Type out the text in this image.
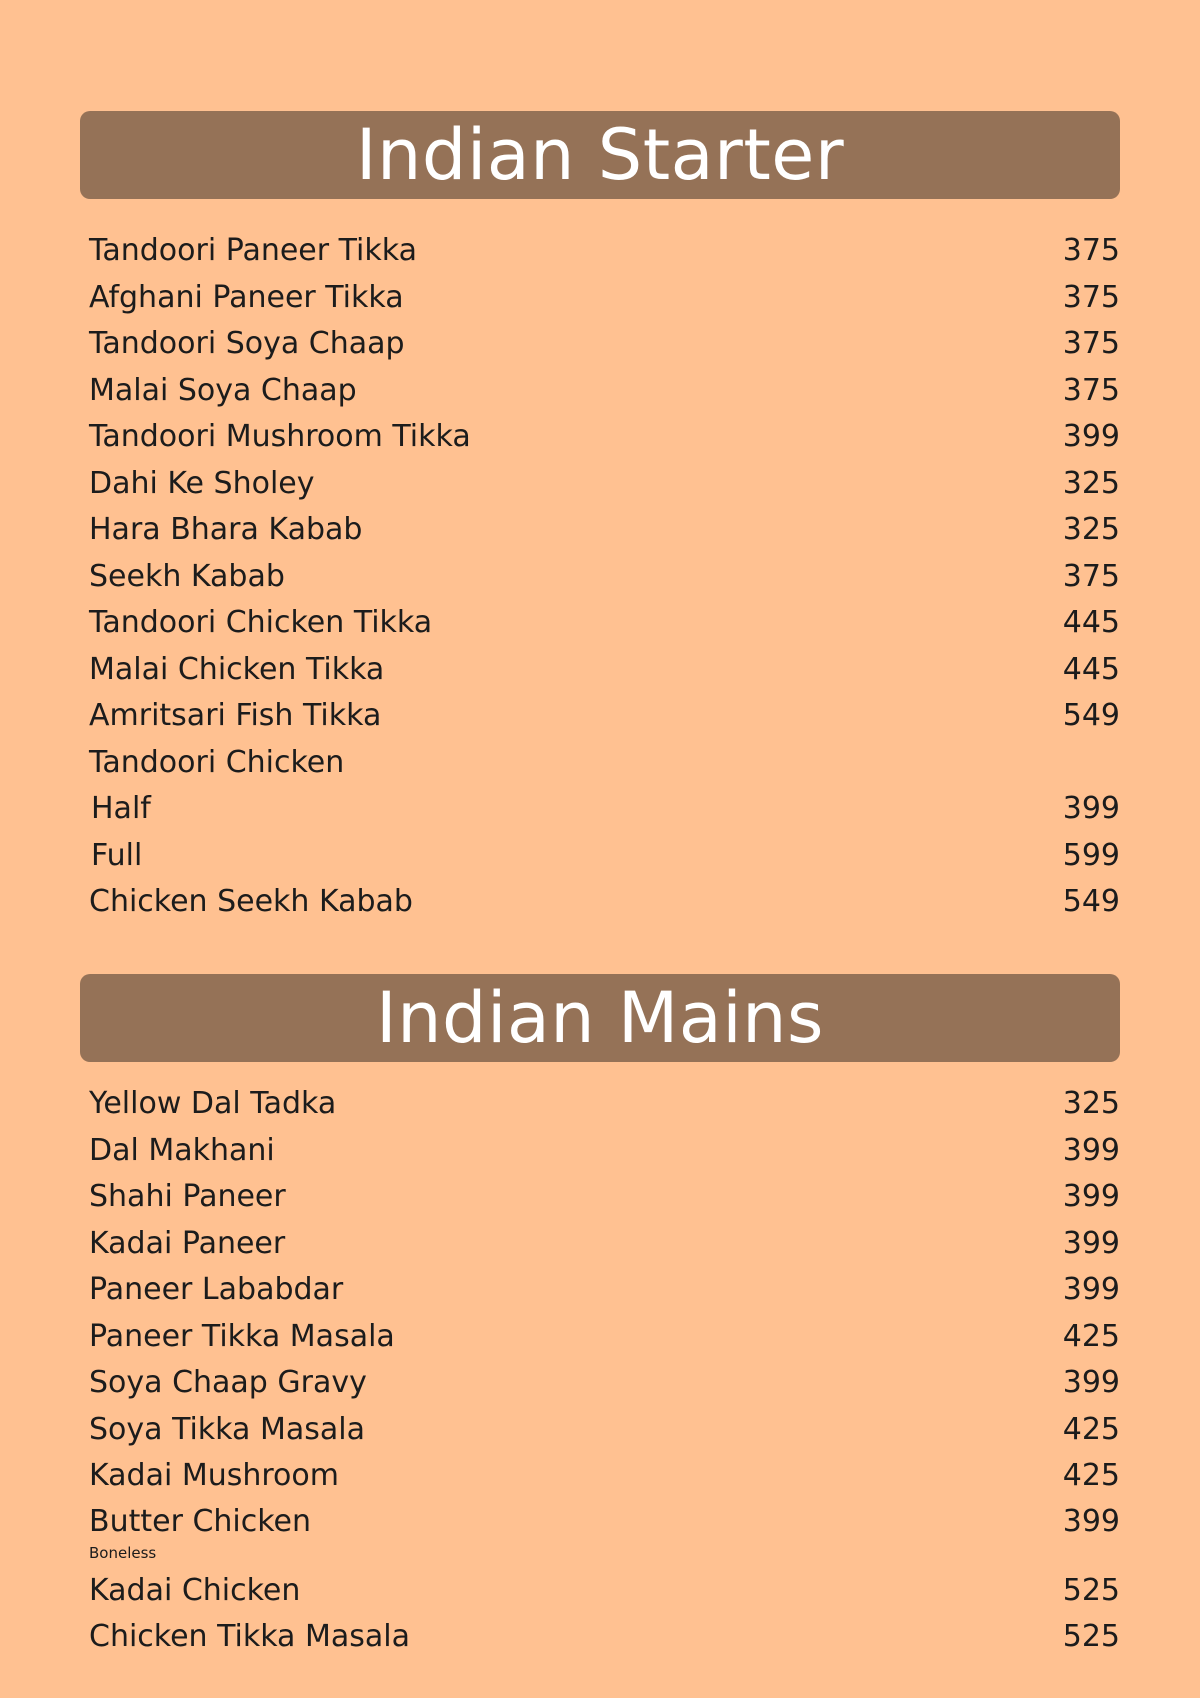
Indian Starter
Tandoori Paneer Tikka	375
Afghani Paneer Tikka	375
Tandoori Soya Chaap	375
Malai Soya Chaap	375
Tandoori Mushroom Tikka	399
Dahi Ke Sholey	325
Hara Bhara Kabab	325
Seekh Kabab	375
Tandoori Chicken Tikka	445
Malai Chicken Tikka	445
Amritsari Fish Tikka	549
Tandoori Chicken
Half	399
Full	599
Chicken Seekh Kabab	549
Indian Mains
Yellow Dal Tadka	325
Dal Makhani	399
Shahi Paneer	399
Kadai Paneer	399
Paneer Lababdar	399
Paneer Tikka Masala	425
Soya Chaap Gravy	399
Soya Tikka Masala	425
Kadai Mushroom	425
Butter Chicken	399
Boneless
Kadai Chicken	525
Chicken Tikka Masala	525
